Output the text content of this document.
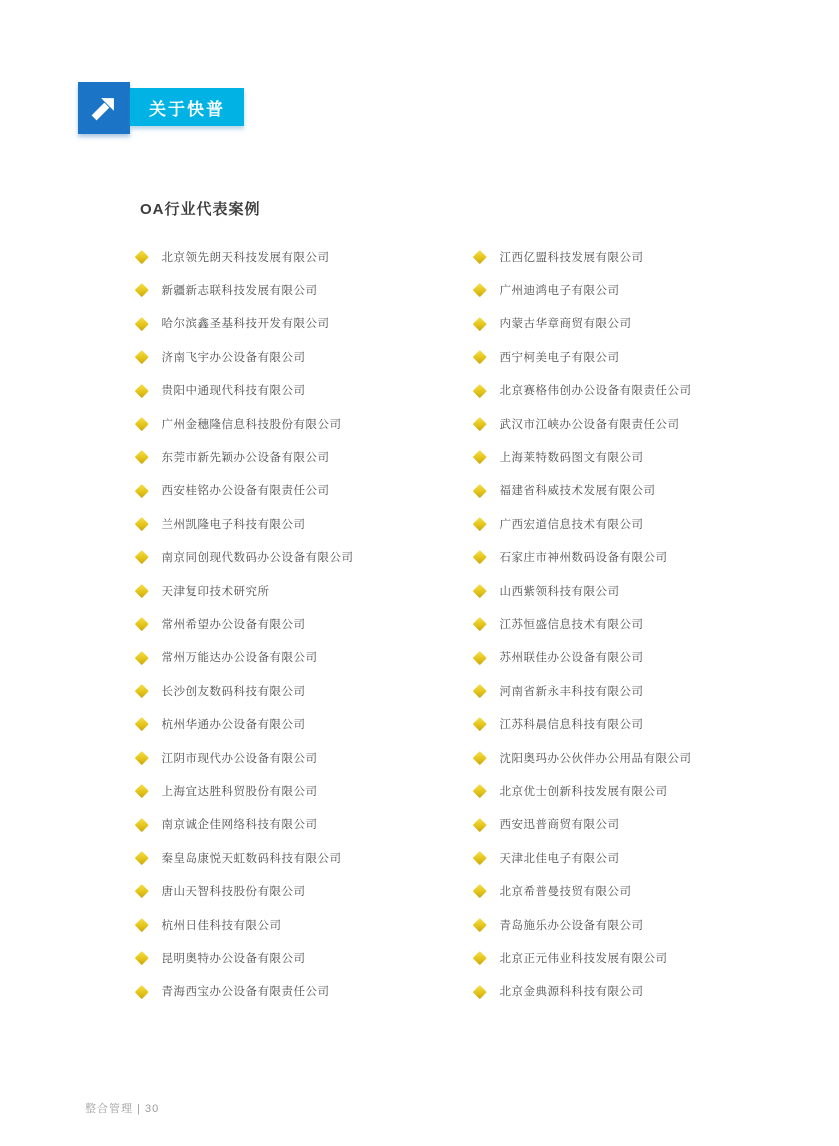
关于快普
OA行业代表案例
北京领先朗天科技发展有限公司
新疆新志联科技发展有限公司
哈尔滨鑫圣基科技开发有限公司
济南飞宇办公设备有限公司
贵阳中通现代科技有限公司
广州金穗隆信息科技股份有限公司
东莞市新先颖办公设备有限公司
西安桂铭办公设备有限责任公司
兰州凯隆电子科技有限公司
南京同创现代数码办公设备有限公司
天津复印技术研究所
常州希望办公设备有限公司
常州万能达办公设备有限公司
长沙创友数码科技有限公司
杭州华通办公设备有限公司
江阴市现代办公设备有限公司
上海宜达胜科贸股份有限公司
南京诚企佳网络科技有限公司
秦皇岛康悦天虹数码科技有限公司
唐山天智科技股份有限公司
杭州日佳科技有限公司
昆明奥特办公设备有限公司
青海西宝办公设备有限责任公司
江西亿盟科技发展有限公司
广州迪鸿电子有限公司
内蒙古华章商贸有限公司
西宁柯美电子有限公司
北京赛格伟创办公设备有限责任公司
武汉市江峡办公设备有限责任公司
上海莱特数码图文有限公司
福建省科威技术发展有限公司
广西宏道信息技术有限公司
石家庄市神州数码设备有限公司
山西紫领科技有限公司
江苏恒盛信息技术有限公司
苏州联佳办公设备有限公司
河南省新永丰科技有限公司
江苏科晨信息科技有限公司
沈阳奥玛办公伙伴办公用品有限公司
北京优士创新科技发展有限公司
西安迅普商贸有限公司
天津北佳电子有限公司
北京希普曼技贸有限公司
青岛施乐办公设备有限公司
北京正元伟业科技发展有限公司
北京金典源科科技有限公司
整合管理 | 30
